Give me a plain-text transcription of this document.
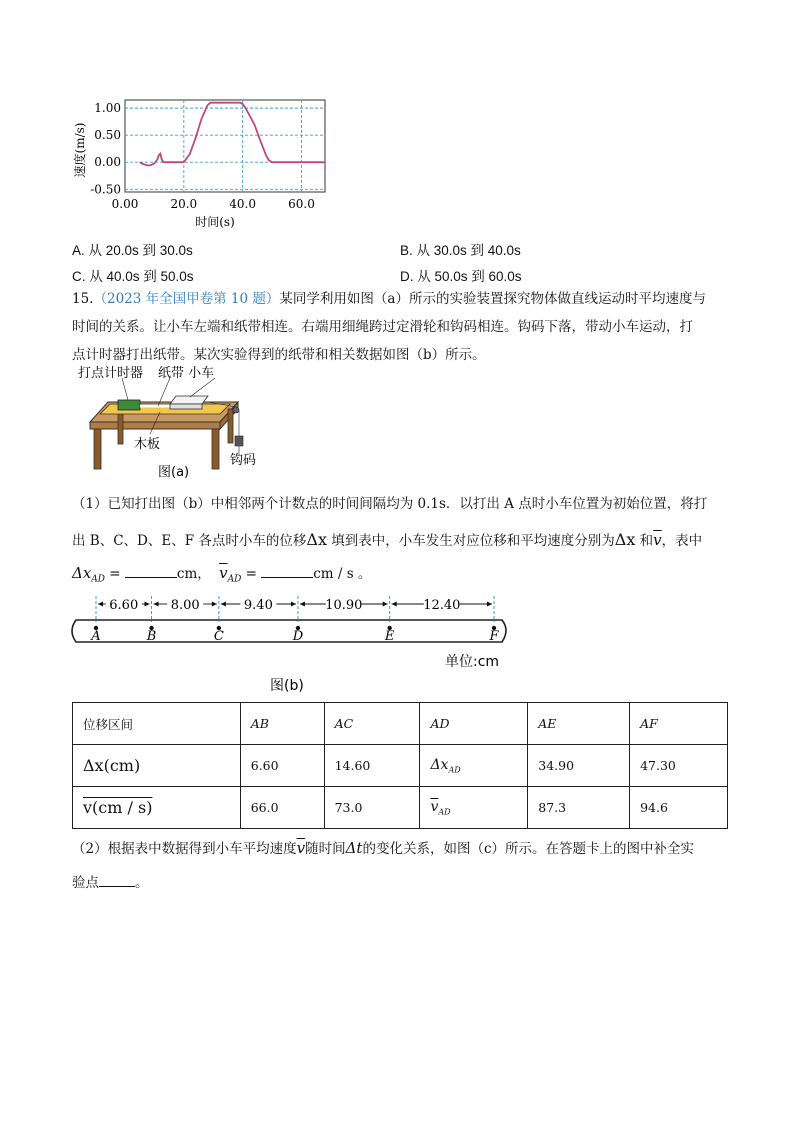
1.00
0.50
0.00
-0.50
0.00	20.0	40.0	60.0
速度(m/s)
时间(s)
A. 从 20.0s 到 30.0s	B. 从 30.0s 到 40.0s
C. 从 40.0s 到 50.0s	D. 从 50.0s 到 60.0s
15.（2023 年全国甲卷第 10 题）某同学利用如图（a）所示的实验装置探究物体做直线运动时平均速度与
时间的关系。让小车左端和纸带相连。右端用细绳跨过定滑轮和钩码相连。钩码下落，带动小车运动，打
点计时器打出纸带。某次实验得到的纸带和相关数据如图（b）所示。
打点计时器 纸带 小车
木板
钩码
图(a)
（1）已知打出图（b）中相邻两个计数点的时间间隔均为 0.1s．以打出 A 点时小车位置为初始位置，将打
出 B、C、D、E、F 各点时小车的位移Δx 填到表中，小车发生对应位移和平均速度分别为Δx 和$\overline{v}$，表中
$\Delta x_{AD}$ =	cm， $\overline{v}_{AD}$ =	cm / s 。
A	B	C	D	E	F
6.60 8.00	9.40	10.90	12.40
单位:cm
图(b)
位移区间	AB	AC	AD	AE	AF
Δx(cm)	6.60	14.60	$\Delta x_{AD}$	34.90	47.30
v(cm / s)	66.0	73.0	$\overline{v}_{AD}$	87.3	94.6
（2）根据表中数据得到小车平均速度$\overline{v}$随时间Δt的变化关系，如图（c）所示。在答题卡上的图中补全实
验点	。
